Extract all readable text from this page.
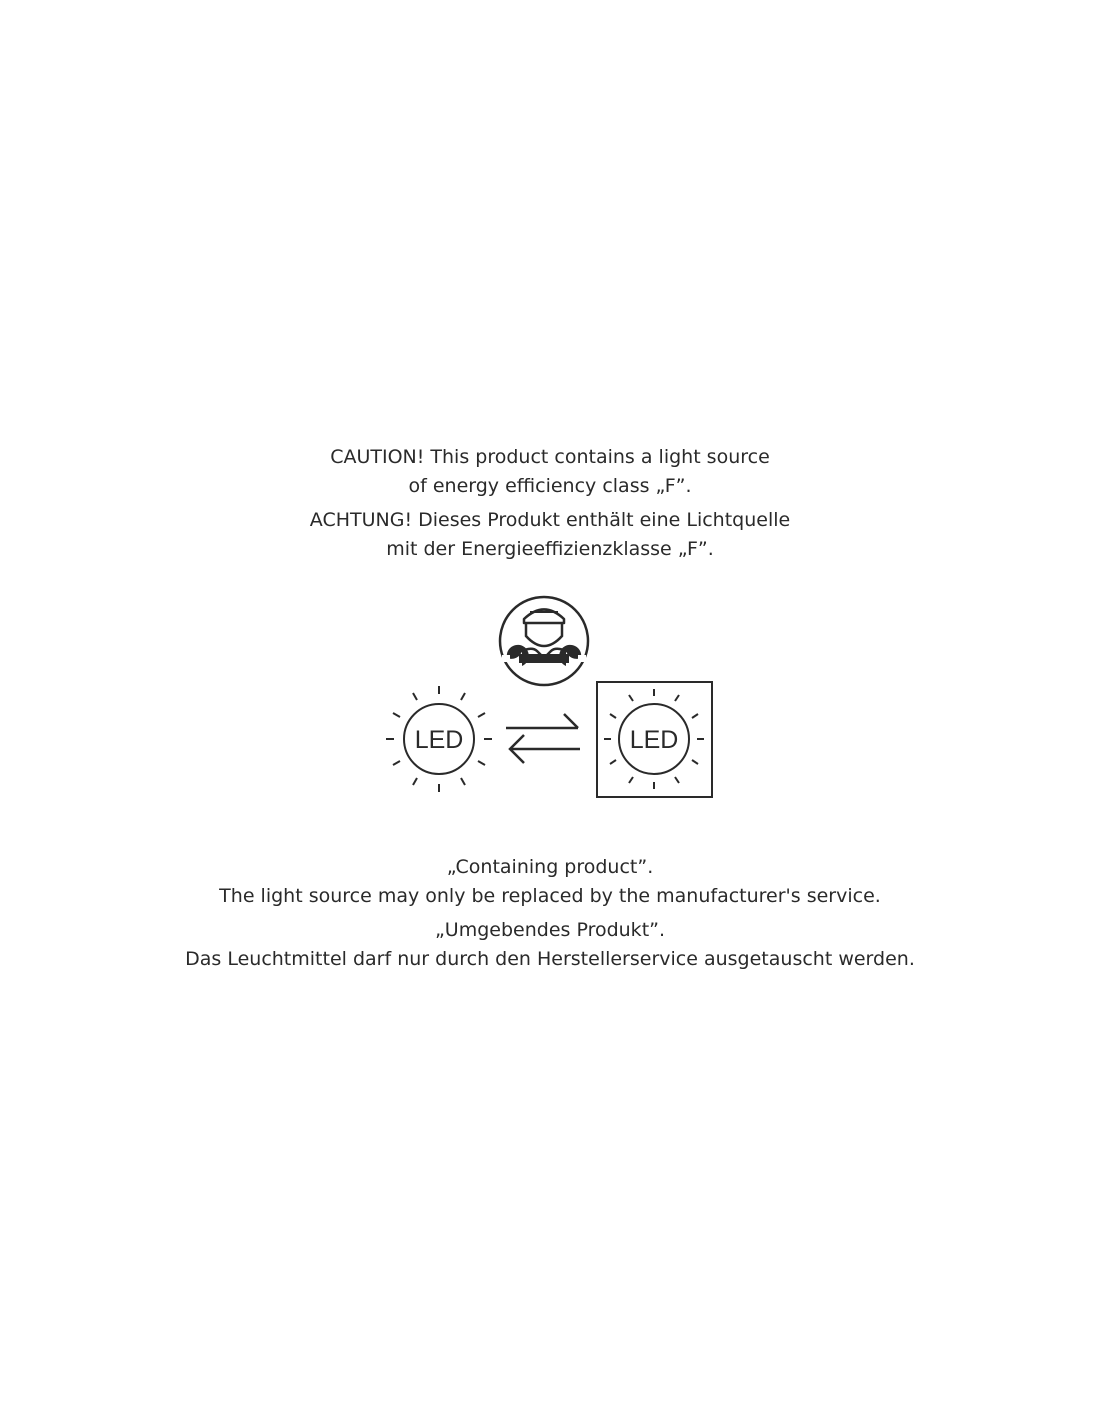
CAUTION! This product contains a light source
of energy efficiency class „F”.
ACHTUNG! Dieses Produkt enthält eine Lichtquelle
mit der Energieeffizienzklasse „F”.
LED	LED
„Containing product”.
The light source may only be replaced by the manufacturer's service.
„Umgebendes Produkt”.
Das Leuchtmittel darf nur durch den Herstellerservice ausgetauscht werden.
